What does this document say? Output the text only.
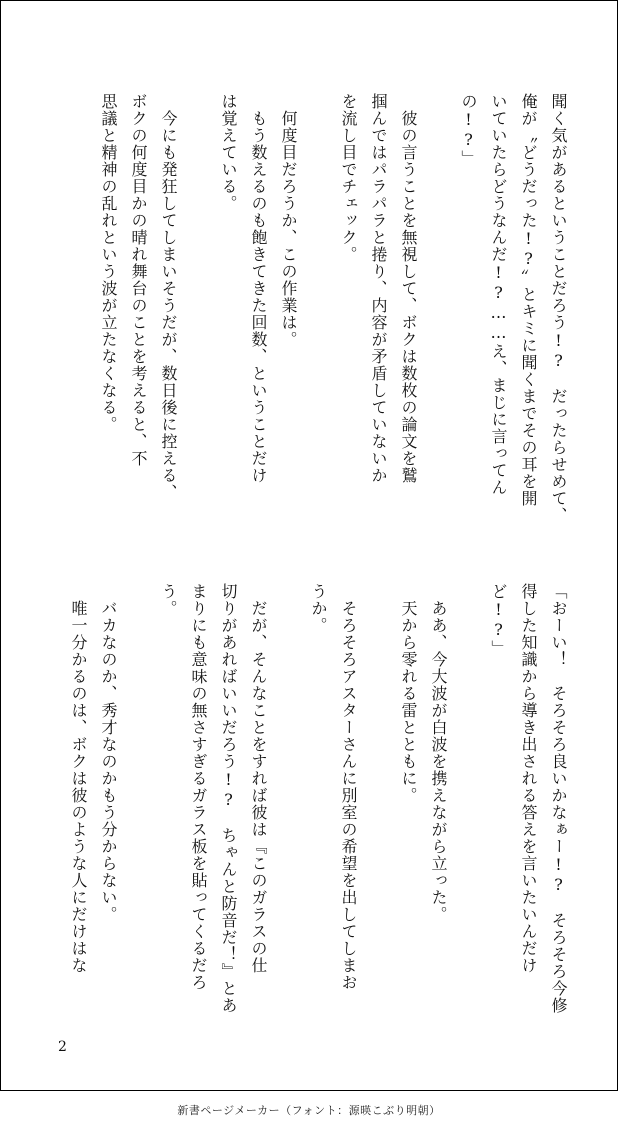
聞く気があるということだろう!?　だったらせめて、

俺が〝どうだった!?〟とキミに聞くまでその耳を開

いていたらどうなんだ!?……え、まじに言ってん

の!?」

　彼の言うことを無視して、ボクは数枚の論文を鷲

掴んではパラパラと捲り、内容が矛盾していないか

を流し目でチェック。

　何度目だろうか、この作業は。

　もう数えるのも飽きてきた回数、ということだけ

は覚えている。

　今にも発狂してしまいそうだが、数日後に控える、

ボクの何度目かの晴れ舞台のことを考えると、不

思議と精神の乱れという波が立たなくなる。

「おーい！　そろそろ良いかなぁー!?　そろそろ今修

得した知識から導き出される答えを言いたいんだけ

ど!?」

　ああ、今大波が白波を携えながら立った。

　天から零れる雷とともに。

　そろそろアスターさんに別室の希望を出してしまお

うか。

　だが、そんなことをすれば彼は『このガラスの仕

切りがあればいいだろう!?　ちゃんと防音だ！』とあ

まりにも意味の無さすぎるガラス板を貼ってくるだろ

う。

　バカなのか、秀才なのかもう分からない。

　唯一分かるのは、ボクは彼のような人にだけはな

2
新書ページメーカー（フォント：源暎こぶり明朝）
